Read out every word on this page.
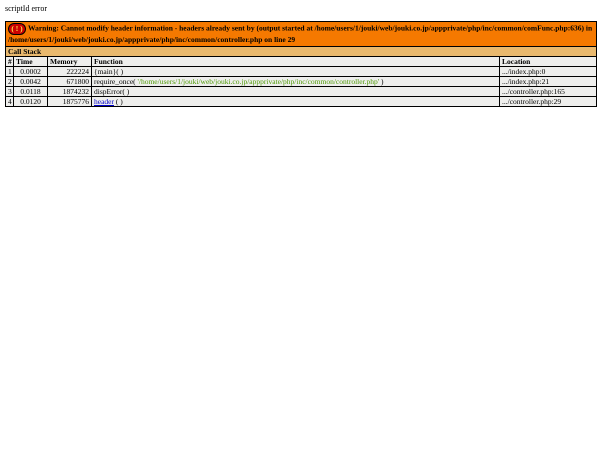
scriptId error
( ! ) Warning: Cannot modify header information - headers already sent by (output started at /home/users/1/jouki/web/jouki.co.jp/appprivate/php/inc/common/comFunc.php:636) in /home/users/1/jouki/web/jouki.co.jp/appprivate/php/inc/common/controller.php on line 29				
Call Stack				
#	Time	Memory	Function	Location
1	0.0002	222224	{main}( )	.../index.php:0
2	0.0042	671800	require_once( '/home/users/1/jouki/web/jouki.co.jp/appprivate/php/inc/common/controller.php' )	.../index.php:21
3	0.0118	1874232	dispError( )	.../controller.php:165
4	0.0120	1875776	header ( )	.../controller.php:29
